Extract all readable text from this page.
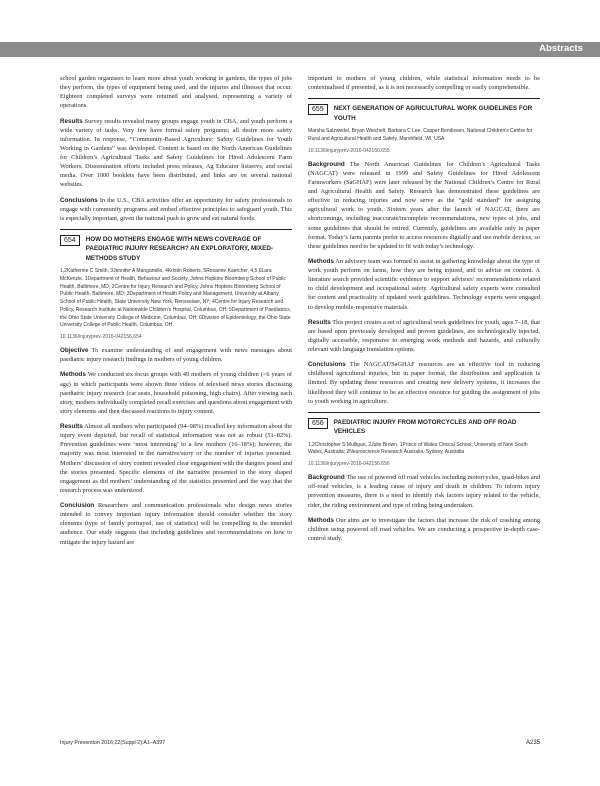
Abstracts

school garden organisers to learn more about youth working in gardens, the types of jobs they perform, the types of equipment being used, and the injuries and illnesses that occur. Eighteen completed surveys were returned and analysed, representing a variety of operations.

Results Survey results revealed many groups engage youth in CBA, and youth perform a wide variety of tasks. Very few have formal safety programs; all desire more safety information. In response, “Community-Based Agriculture: Safety Guidelines for Youth Working in Gardens” was developed. Content is based on the North American Guidelines for Children’s Agricultural Tasks and Safety Guidelines for Hired Adolescent Farm Workers. Dissemination efforts included press releases, Ag Educator listservs, and social media. Over 1000 booklets have been distributed, and links are on several national websites.

Conclusions In the U.S., CBA activities offer an opportunity for safety professionals to engage with community programs and embed effective principles to safeguard youth. This is especially important, given the national push to grow and eat natural foods.

654	HOW DO MOTHERS ENGAGE WITH NEWS COVERAGE OF PAEDIATRIC INJURY RESEARCH? AN EXPLORATORY, MIXED-METHODS STUDY
1,2Katherine C Smith, 3Jennifer A Manganello, 4Kristin Roberts, 5Roxanne Kaercher, 4,5,6Lara McKenzie. 1Department of Health, Behaviour and Society, Johns Hopkins Bloomberg School of Public Health, Baltimore, MD; 2Centre for Injury Research and Policy, Johns Hopkins Bloomberg School of Public Health, Baltimore, MD; 3Department of Health Policy and Management, University at Albany School of Public Health, State University New York, Rensselaer, NY; 4Centre for Injury Research and Policy, Research Institute at Nationwide Children’s Hospital, Columbus, OH; 5Department of Paediatrics, the Ohio State University College of Medicine, Columbus, OH; 6Division of Epidemiology, the Ohio State University College of Public Health, Columbus, OH
10.1136/injuryprev-2016-042156.654

Objective To examine understanding of and engagement with news messages about paediatric injury research findings in mothers of young children.

Methods We conducted six focus groups with 49 mothers of young children (<6 years of age) in which participants were shown three videos of televised news stories discussing paediatric injury research (car seats, household poisoning, high chairs). After viewing each story, mothers individually completed recall exercises and questions about engagement with story elements and then discussed reactions to injury content.

Results Almost all mothers who participated (94–98%) recalled key information about the injury event depicted, but recall of statistical information was not as robust (51–82%). Prevention guidelines were ‘most interesting’ to a few mothers (16–18%); however, the majority was most interested in the narrative/story or the number of injuries presented. Mothers’ discussion of story content revealed clear engagement with the dangers posed and the stories presented. Specific elements of the narrative presented in the story shaped engagement as did mothers’ understanding of the statistics presented and the way that the research process was understood.

Conclusion Researchers and communication professionals who design news stories intended to convey important injury information should consider whether the story elements (type of family portrayed, use of statistics) will be compelling to the intended audience. Our study suggests that including guidelines and recommendations on how to mitigate the injury hazard are

important to mothers of young children, while statistical information needs to be contextualised if presented, as it is not necessarily compelling or easily comprehensible.

655	NEXT GENERATION OF AGRICULTURAL WORK GUIDELINES FOR YOUTH
Marsha Salzwedel, Bryan Weichelt, Barbara C Lee, Casper Bendixsen. National Children’s Centre for Rural and Agricultural Health and Safety, Marshfield, WI, USA
10.1136/injuryprev-2016-042156.655

Background The North American Guidelines for Children’s Agricultural Tasks (NAGCAT) were released in 1999 and Safety Guidelines for Hired Adolescent Farmworkers (SaGHAF) were later released by the National Children’s Centre for Rural and Agricultural Health and Safety. Research has demonstrated these guidelines are effective in reducing injuries and now serve as the “gold standard” for assigning agricultural work to youth. Sixteen years after the launch of NAGCAT, there are shortcomings, including inaccurate/incomplete recommendations, new types of jobs, and some guidelines that should be retired. Currently, guidelines are available only in paper format. Today’s farm parents prefer to access resources digitally and use mobile devices, so these guidelines need to be updated to fit with today’s technology.

Methods An advisory team was formed to assist in gathering knowledge about the type of work youth perform on farms, how they are being injured, and to advise on content. A literature search provided scientific evidence to support advisors’ recommendations related to child development and occupational safety. Agricultural safety experts were consulted for content and practicality of updated work guidelines. Technology experts were engaged to develop mobile-responsive materials.

Results This project creates a set of agricultural work guidelines for youth, ages 7–18, that are based upon previously developed and proven guidelines, are technologically injected, digitally accessible, responsive to emerging work methods and hazards, and culturally relevant with language translation options.

Conclusions The NAGCAT/SaGHAF resources are an effective tool in reducing childhood agricultural injuries, but in paper format, the distribution and application is limited. By updating these resources and creating new delivery systems, it increases the likelihood they will continue to be an effective resource for guiding the assignment of jobs to youth working in agriculture.

656	PAEDIATRIC INJURY FROM MOTORCYCLES AND OFF ROAD VEHICLES
1,2Christopher S Mulligan, 2Julie Brown. 1Prince of Wales Clinical School, University of New South Wales, Australia; 2Neuroscience Research Australia, Sydney, Australia
10.1136/injuryprev-2016-042156.656

Background The use of powered off road vehicles including motorcycles, quad-bikes and off-road vehicles, is a leading cause of injury and death in children. To inform injury prevention measures, there is a need to identify risk factors injury related to the vehicle, rider, the riding environment and type of riding being undertaken.

Methods Our aims are to investigate the factors that increase the risk of crashing among children using powered off road vehicles. We are conducting a prospective in-depth case-control study.

Injury Prevention 2016;22(Suppl 2):A1–A397	A235
